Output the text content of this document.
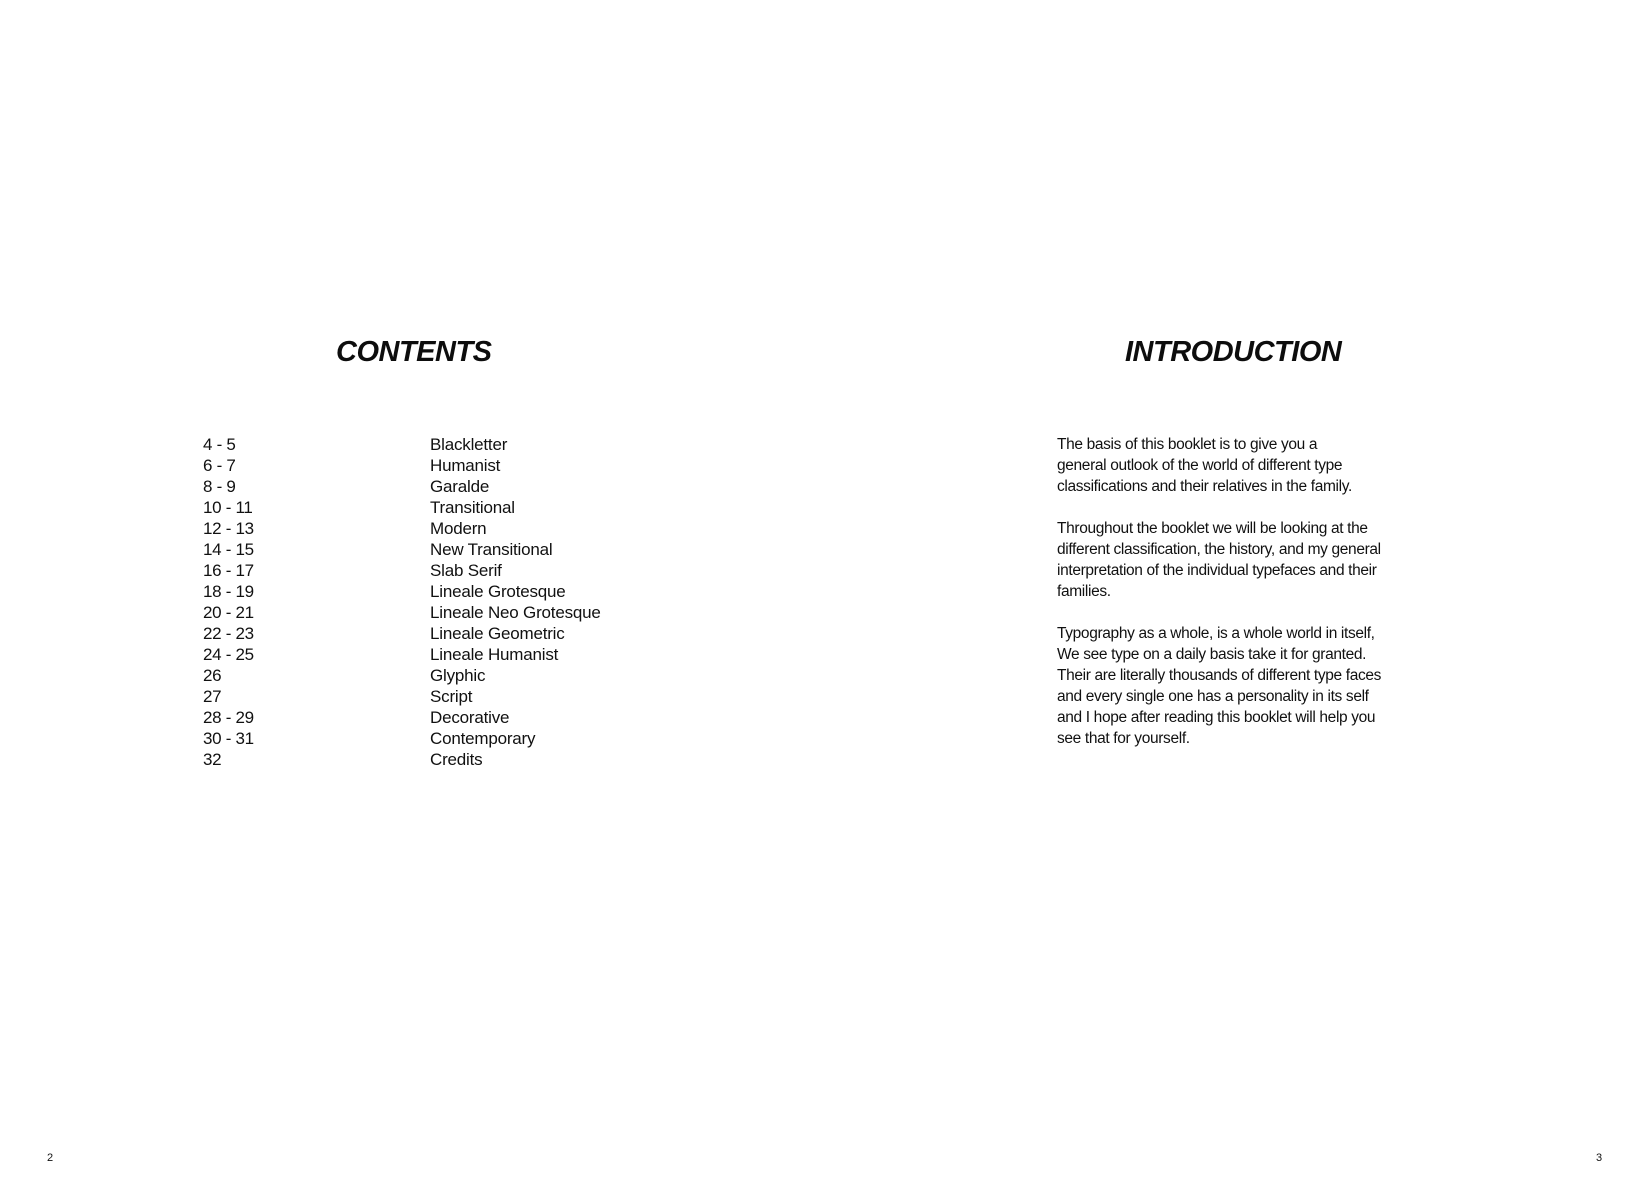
CONTENTS
4 - 5	Blackletter
6 - 7	Humanist
8 - 9	Garalde
10 - 11	Transitional
12 - 13	Modern
14 - 15	New Transitional
16 - 17	Slab Serif
18 - 19	Lineale Grotesque
20 - 21	Lineale Neo Grotesque
22 - 23	Lineale Geometric
24 - 25	Lineale Humanist
26	Glyphic
27	Script
28 - 29	Decorative
30 - 31	Contemporary
32	Credits
2
INTRODUCTION

The basis of this booklet is to give you a
general outlook of the world of different type
classifications and their relatives in the family.

Throughout the booklet we will be looking at the
different classification, the history, and my general
interpretation of the individual typefaces and their
families.

Typography as a whole, is a whole world in itself,
We see type on a daily basis take it for granted.
Their are literally thousands of different type faces
and every single one has a personality in its self
and I hope after reading this booklet will help you
see that for yourself.

3
